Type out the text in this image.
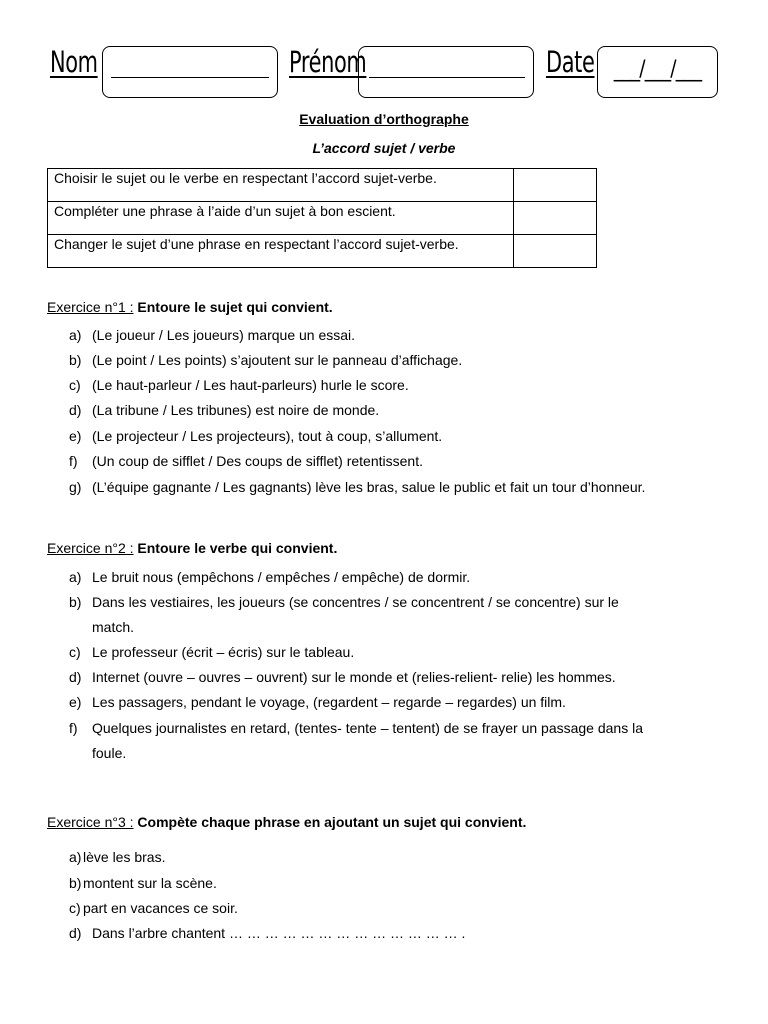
Nom	Prénom	Date ___/___/___
Evaluation d’orthographe
L’accord sujet / verbe
Choisir le sujet ou le verbe en respectant l’accord sujet-verbe.	
Compléter une phrase à l’aide d’un sujet à bon escient.	
Changer le sujet d’une phrase en respectant l’accord sujet-verbe.	
Exercice n°1 : Entoure le sujet qui convient.
a) (Le joueur / Les joueurs) marque un essai.
b) (Le point / Les points) s’ajoutent sur le panneau d’affichage.
c) (Le haut-parleur / Les haut-parleurs) hurle le score.
d) (La tribune / Les tribunes) est noire de monde.
e) (Le projecteur / Les projecteurs), tout à coup, s’allument.
f) (Un coup de sifflet / Des coups de sifflet) retentissent.
g) (L’équipe gagnante / Les gagnants) lève les bras, salue le public et fait un tour d’honneur.
Exercice n°2 : Entoure le verbe qui convient.
a) Le bruit nous (empêchons / empêches / empêche) de dormir.
b) Dans les vestiaires, les joueurs (se concentres / se concentrent / se concentre) sur le
match.
c) Le professeur (écrit – écris) sur le tableau.
d) Internet (ouvre – ouvres – ouvrent) sur le monde et (relies-relient- relie) les hommes.
e) Les passagers, pendant le voyage, (regardent – regarde – regardes) un film.
f) Quelques journalistes en retard, (tentes- tente – tentent) de se frayer un passage dans la
foule.
Exercice n°3 : Compète chaque phrase en ajoutant un sujet qui convient.
a) lève les bras.
b) montent sur la scène.
c) part en vacances ce soir.
d) Dans l’arbre chantent … … … … … … … … … … … … … .
